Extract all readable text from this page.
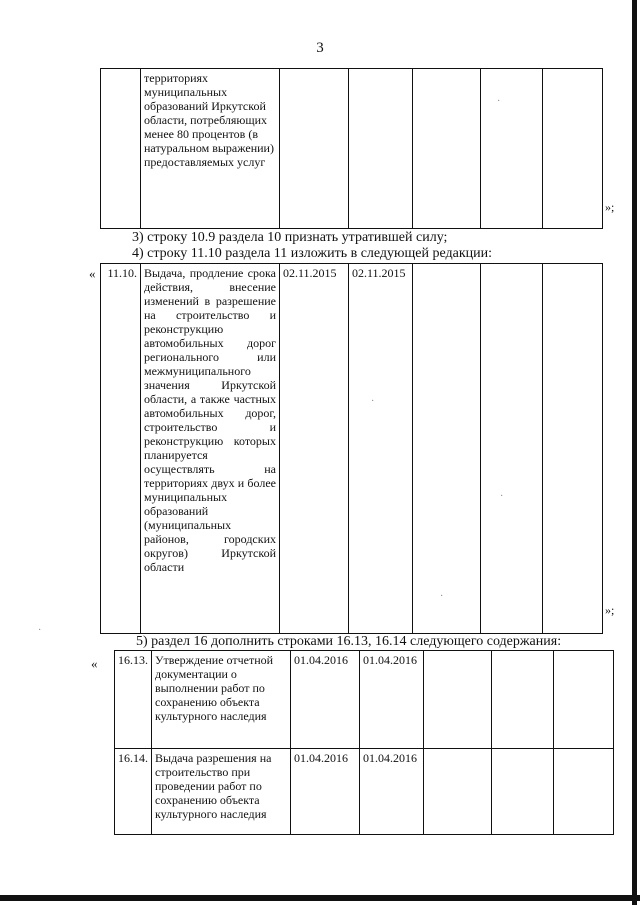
3
	территориях муниципальных образований Иркутской области, потребляющих менее 80 процентов (в натуральном выражении) предоставляемых услуг					
»;
3) строку 10.9 раздела 10 признать утратившей силу;
4) строку 11.10 раздела 11 изложить в следующей редакции:
« 11.10.	Выдача, продление срока действия, внесение изменений в разрешение на строительство и реконструкцию автомобильных дорог регионального или межмуниципального значения Иркутской области, а также частных автомобильных дорог, строительство и реконструкцию которых планируется осуществлять на территориях двух и более муниципальных образований (муниципальных районов, городских округов) Иркутской области	02.11.2015	02.11.2015			
»;
5) раздел 16 дополнить строками 16.13, 16.14 следующего содержания:
« 16.13.	Утверждение отчетной документации о выполнении работ по сохранению объекта культурного наследия	01.04.2016	01.04.2016			
16.14.	Выдача разрешения на строительство при проведении работ по сохранению объекта культурного наследия	01.04.2016	01.04.2016			
·
·
·
·
·
